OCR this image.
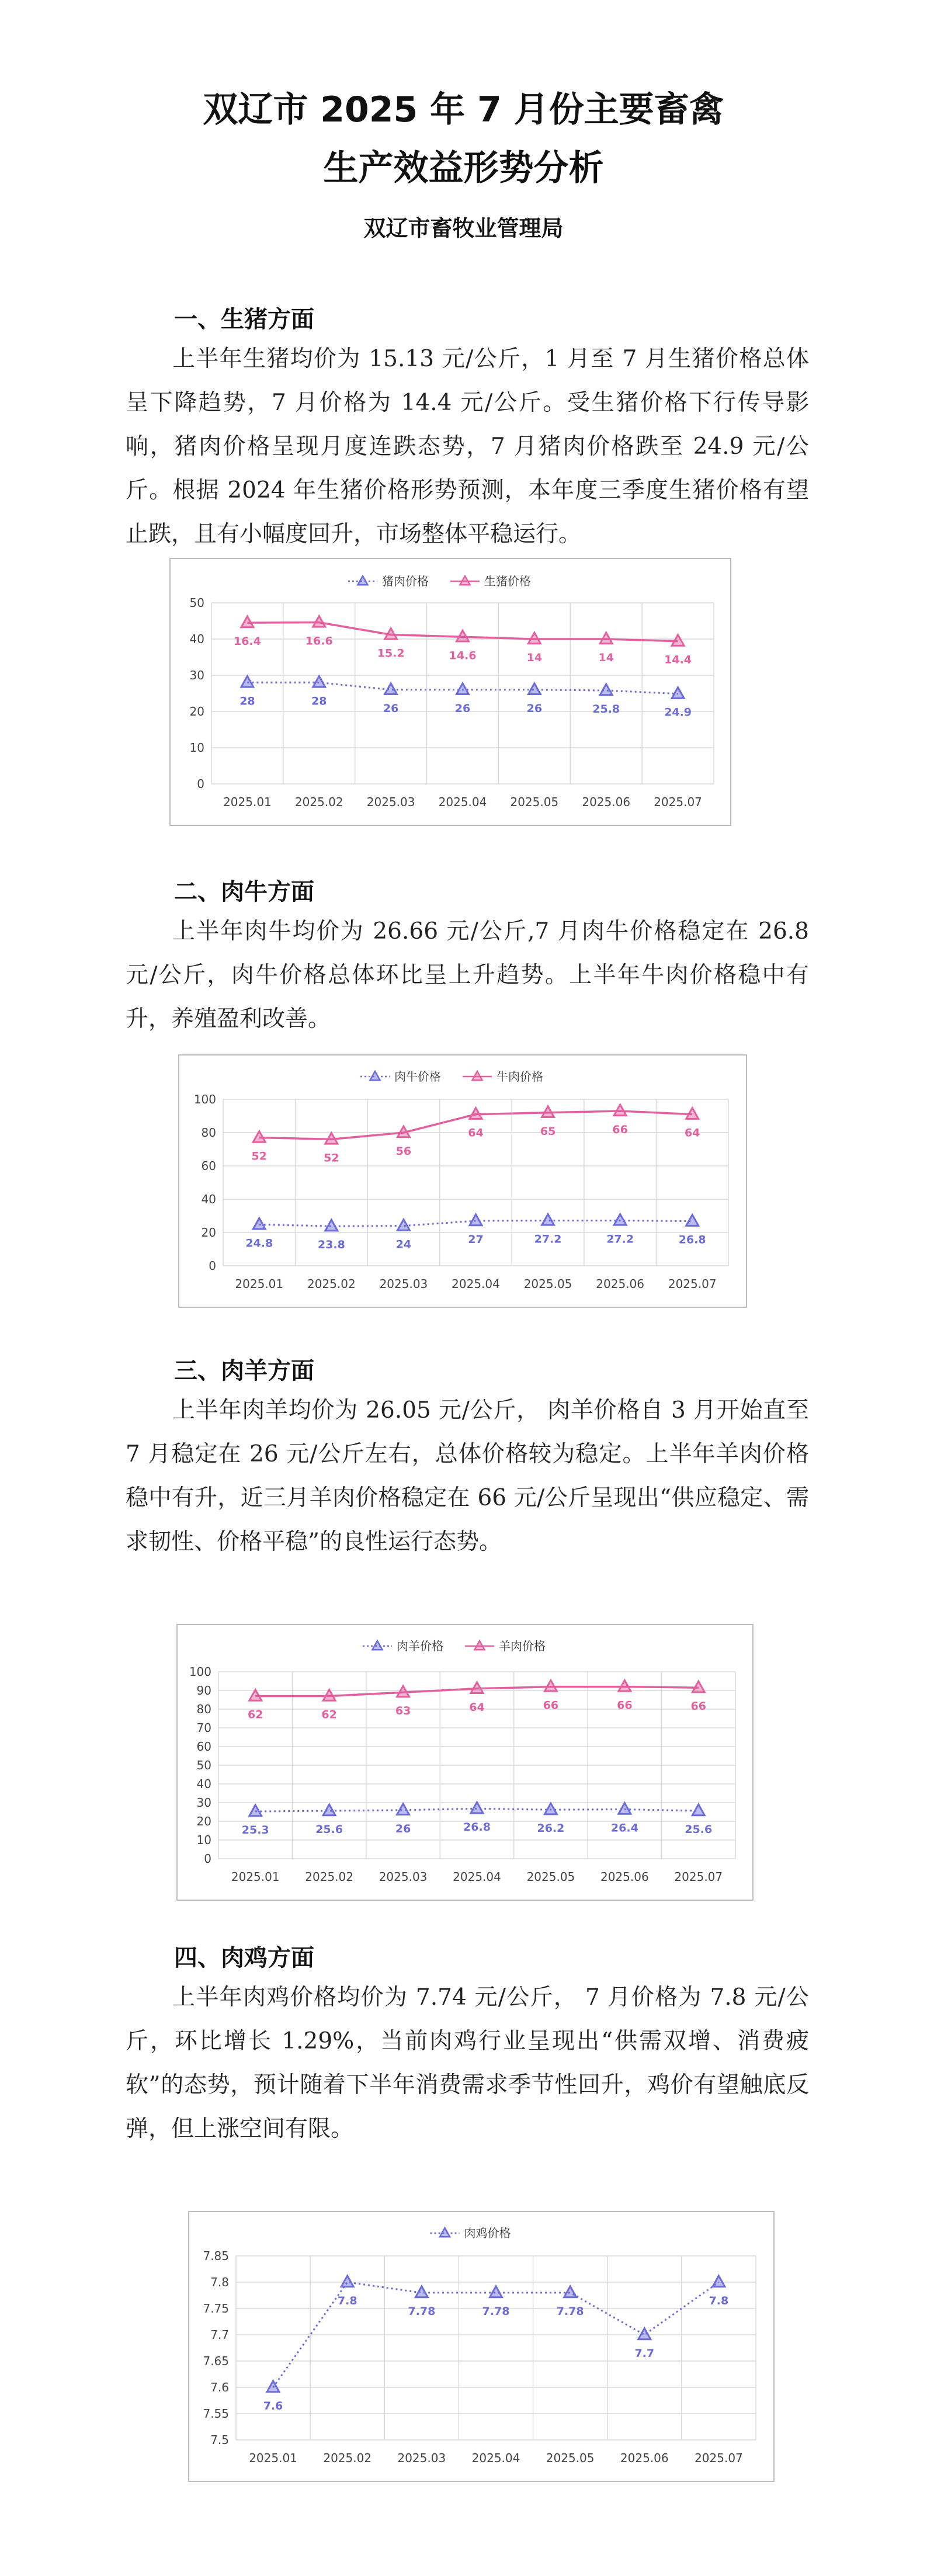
双辽市 2025 年 7 月份主要畜禽
生产效益形势分析
双辽市畜牧业管理局
一、生猪方面

上半年生猪均价为 15.13 元/公斤，1 月至 7 月生猪价格总体呈下降趋势，7 月价格为 14.4 元/公斤。受生猪价格下行传导影响，猪肉价格呈现月度连跌态势，7 月猪肉价格跌至 24.9 元/公斤。根据 2024 年生猪价格形势预测，本年度三季度生猪价格有望止跌，且有小幅度回升，市场整体平稳运行。

0
10
20
30
40
50
2025.01 2025.02 2025.03 2025.04 2025.05 2025.06 2025.07
猪肉价格	生猪价格
28	28
26	26	26	25.8	24.9
16.4	16.6
15.2	14.6	14	14	14.4
二、肉牛方面

上半年肉牛均价为 26.66 元/公斤,7 月肉牛价格稳定在 26.8 元/公斤，肉牛价格总体环比呈上升趋势。上半年牛肉价格稳中有升，养殖盈利改善。

0
20
40
60
80
100
2025.01 2025.02 2025.03 2025.04 2025.05 2025.06 2025.07
肉牛价格	牛肉价格
24.8	23.8	24	27	27.2	27.2	26.8
52	52
56
64	65	66	64
三、肉羊方面

上半年肉羊均价为 26.05 元/公斤， 肉羊价格自 3 月开始直至 7 月稳定在 26 元/公斤左右，总体价格较为稳定。上半年羊肉价格稳中有升，近三月羊肉价格稳定在 66 元/公斤呈现出“供应稳定、需求韧性、价格平稳”的良性运行态势。

0
10
20
30
40
50
60
70
80
90
100
2025.01 2025.02 2025.03 2025.04 2025.05 2025.06 2025.07
肉羊价格	羊肉价格
25.3	25.6	26	26.8	26.2	26.4	25.6
62	62	63	64	66	66	66
四、肉鸡方面

上半年肉鸡价格均价为 7.74 元/公斤， 7 月价格为 7.8 元/公斤，环比增长 1.29%，当前肉鸡行业呈现出“供需双增、消费疲软”的态势，预计随着下半年消费需求季节性回升，鸡价有望触底反弹，但上涨空间有限。

7.5
7.55
7.6
7.65
7.7
7.75
7.8
7.85
2025.01 2025.02 2025.03 2025.04 2025.05 2025.06 2025.07
肉鸡价格
7.6
7.8
7.78	7.78	7.78
7.7
7.8
